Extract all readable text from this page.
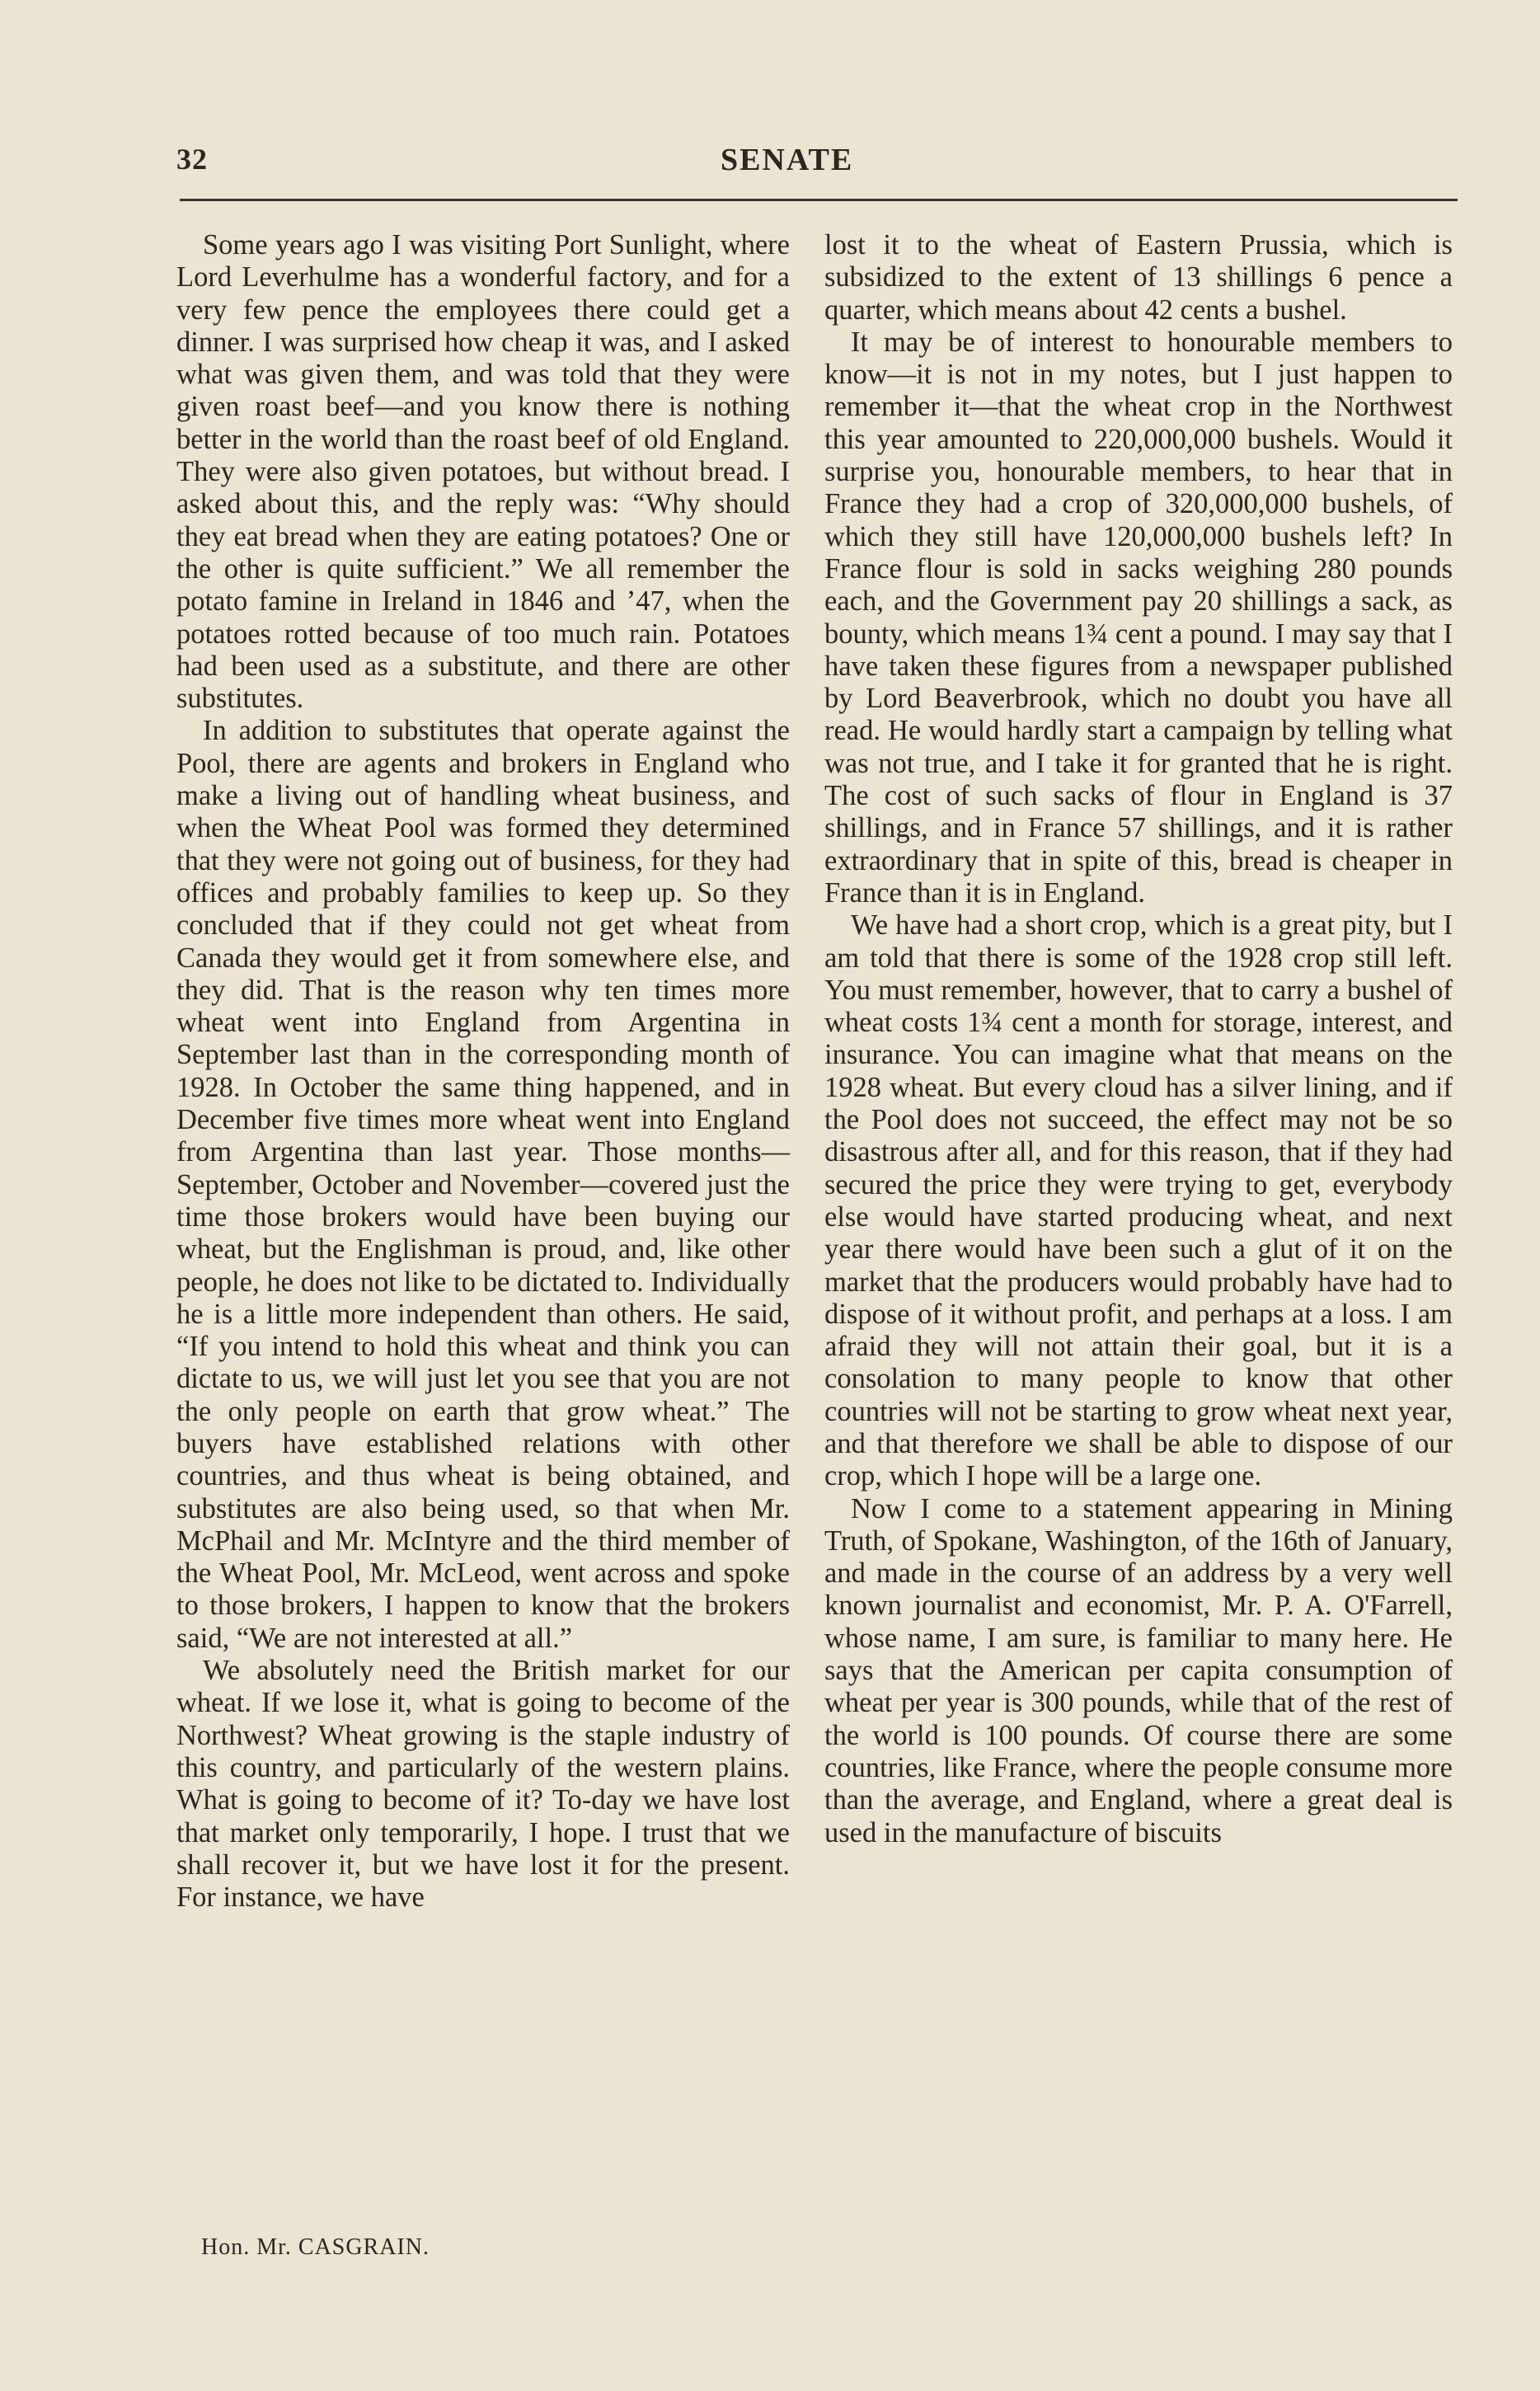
32	SENATE

Some years ago I was visiting Port Sunlight, where Lord Leverhulme has a wonderful factory, and for a very few pence the employees there could get a dinner. I was surprised how cheap it was, and I asked what was given them, and was told that they were given roast beef—and you know there is nothing better in the world than the roast beef of old England. They were also given potatoes, but without bread. I asked about this, and the reply was: “Why should they eat bread when they are eating potatoes? One or the other is quite sufficient.” We all remember the potato famine in Ireland in 1846 and ’47, when the potatoes rotted because of too much rain. Potatoes had been used as a substitute, and there are other substitutes.

In addition to substitutes that operate against the Pool, there are agents and brokers in England who make a living out of handling wheat business, and when the Wheat Pool was formed they determined that they were not going out of business, for they had offices and probably families to keep up. So they concluded that if they could not get wheat from Canada they would get it from somewhere else, and they did. That is the reason why ten times more wheat went into England from Argentina in September last than in the corresponding month of 1928. In October the same thing happened, and in December five times more wheat went into England from Argentina than last year. Those months—September, October and November—covered just the time those brokers would have been buying our wheat, but the Englishman is proud, and, like other people, he does not like to be dictated to. Individually he is a little more independent than others. He said, “If you intend to hold this wheat and think you can dictate to us, we will just let you see that you are not the only people on earth that grow wheat.” The buyers have established relations with other countries, and thus wheat is being obtained, and substitutes are also being used, so that when Mr. McPhail and Mr. McIntyre and the third member of the Wheat Pool, Mr. McLeod, went across and spoke to those brokers, I happen to know that the brokers said, “We are not interested at all.”

We absolutely need the British market for our wheat. If we lose it, what is going to become of the Northwest? Wheat growing is the staple industry of this country, and particularly of the western plains. What is going to become of it? To-day we have lost that market only temporarily, I hope. I trust that we shall recover it, but we have lost it for the present. For instance, we have

Hon. Mr. CASGRAIN.

lost it to the wheat of Eastern Prussia, which is subsidized to the extent of 13 shillings 6 pence a quarter, which means about 42 cents a bushel.

It may be of interest to honourable members to know—it is not in my notes, but I just happen to remember it—that the wheat crop in the Northwest this year amounted to 220,000,000 bushels. Would it surprise you, honourable members, to hear that in France they had a crop of 320,000,000 bushels, of which they still have 120,000,000 bushels left? In France flour is sold in sacks weighing 280 pounds each, and the Government pay 20 shillings a sack, as bounty, which means 1¾ cent a pound. I may say that I have taken these figures from a newspaper published by Lord Beaverbrook, which no doubt you have all read. He would hardly start a campaign by telling what was not true, and I take it for granted that he is right. The cost of such sacks of flour in England is 37 shillings, and in France 57 shillings, and it is rather extraordinary that in spite of this, bread is cheaper in France than it is in England.

We have had a short crop, which is a great pity, but I am told that there is some of the 1928 crop still left. You must remember, however, that to carry a bushel of wheat costs 1¾ cent a month for storage, interest, and insurance. You can imagine what that means on the 1928 wheat. But every cloud has a silver lining, and if the Pool does not succeed, the effect may not be so disastrous after all, and for this reason, that if they had secured the price they were trying to get, everybody else would have started producing wheat, and next year there would have been such a glut of it on the market that the producers would probably have had to dispose of it without profit, and perhaps at a loss. I am afraid they will not attain their goal, but it is a consolation to many people to know that other countries will not be starting to grow wheat next year, and that therefore we shall be able to dispose of our crop, which I hope will be a large one.

Now I come to a statement appearing in Mining Truth, of Spokane, Washington, of the 16th of January, and made in the course of an address by a very well known journalist and economist, Mr. P. A. O'Farrell, whose name, I am sure, is familiar to many here. He says that the American per capita consumption of wheat per year is 300 pounds, while that of the rest of the world is 100 pounds. Of course there are some countries, like France, where the people consume more than the average, and England, where a great deal is used in the manufacture of biscuits
